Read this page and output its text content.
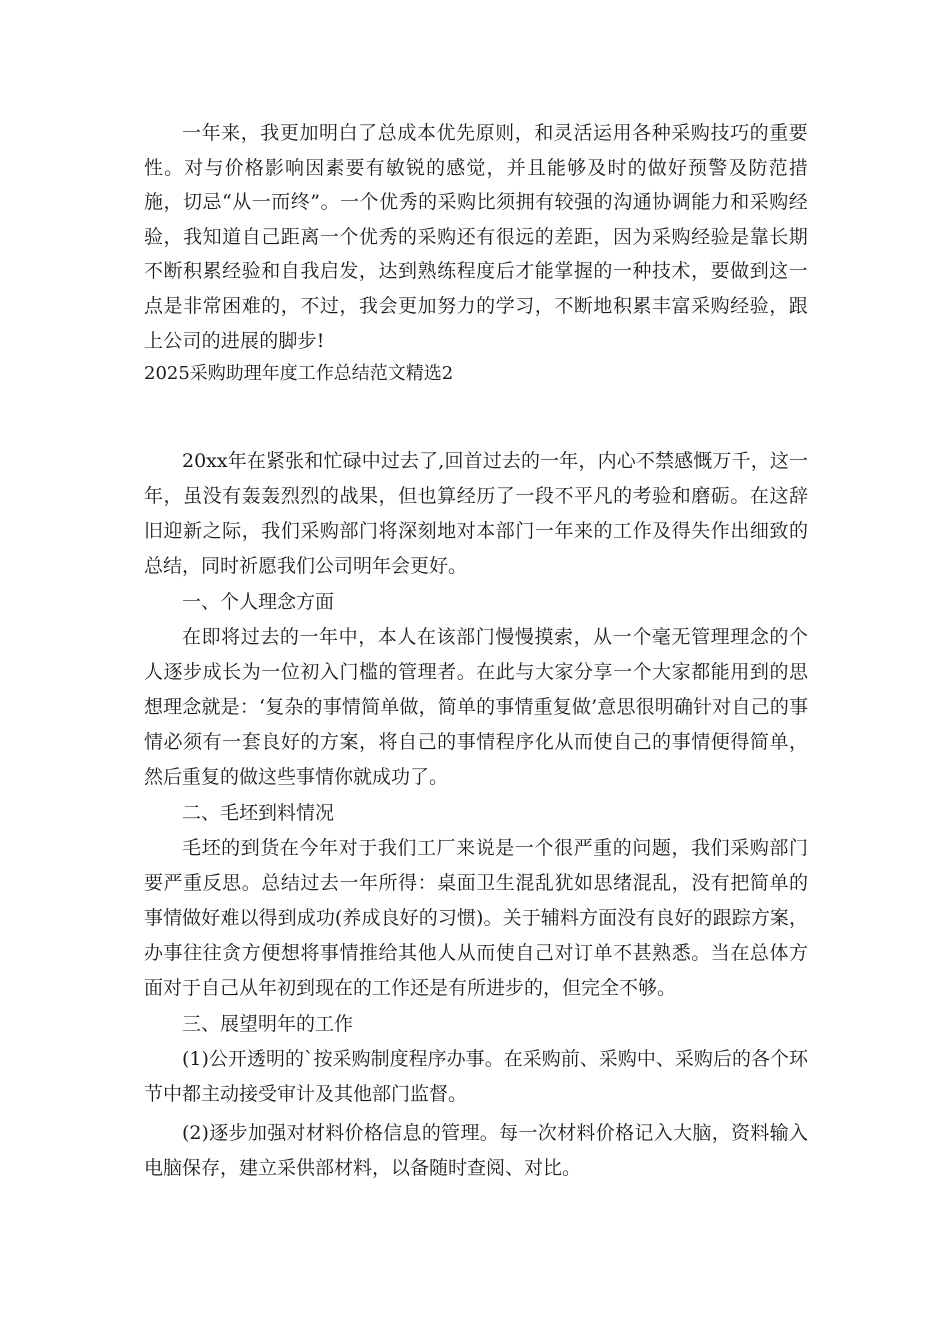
一年来，我更加明白了总成本优先原则，和灵活运用各种采购技巧的重要性。对与价格影响因素要有敏锐的感觉，并且能够及时的做好预警及防范措施，切忌“从一而终”。一个优秀的采购比须拥有较强的沟通协调能力和采购经验，我知道自己距离一个优秀的采购还有很远的差距，因为采购经验是靠长期不断积累经验和自我启发，达到熟练程度后才能掌握的一种技术，要做到这一点是非常困难的，不过，我会更加努力的学习，不断地积累丰富采购经验，跟上公司的进展的脚步!

2025采购助理年度工作总结范文精选2

20xx年在紧张和忙碌中过去了,回首过去的一年，内心不禁感慨万千，这一年，虽没有轰轰烈烈的战果，但也算经历了一段不平凡的考验和磨砺。在这辞旧迎新之际，我们采购部门将深刻地对本部门一年来的工作及得失作出细致的总结，同时祈愿我们公司明年会更好。

一、个人理念方面

在即将过去的一年中，本人在该部门慢慢摸索，从一个毫无管理理念的个人逐步成长为一位初入门槛的管理者。在此与大家分享一个大家都能用到的思想理念就是：‘复杂的事情简单做，简单的事情重复做’意思很明确针对自己的事情必须有一套良好的方案，将自己的事情程序化从而使自己的事情便得简单，然后重复的做这些事情你就成功了。

二、毛坯到料情况

毛坯的到货在今年对于我们工厂来说是一个很严重的问题，我们采购部门要严重反思。总结过去一年所得：桌面卫生混乱犹如思绪混乱，没有把简单的事情做好难以得到成功(养成良好的习惯)。关于辅料方面没有良好的跟踪方案，办事往往贪方便想将事情推给其他人从而使自己对订单不甚熟悉。当在总体方面对于自己从年初到现在的工作还是有所进步的，但完全不够。

三、展望明年的工作

(1)公开透明的`按采购制度程序办事。在采购前、采购中、采购后的各个环节中都主动接受审计及其他部门监督。

(2)逐步加强对材料价格信息的管理。每一次材料价格记入大脑，资料输入电脑保存，建立采供部材料，以备随时查阅、对比。
